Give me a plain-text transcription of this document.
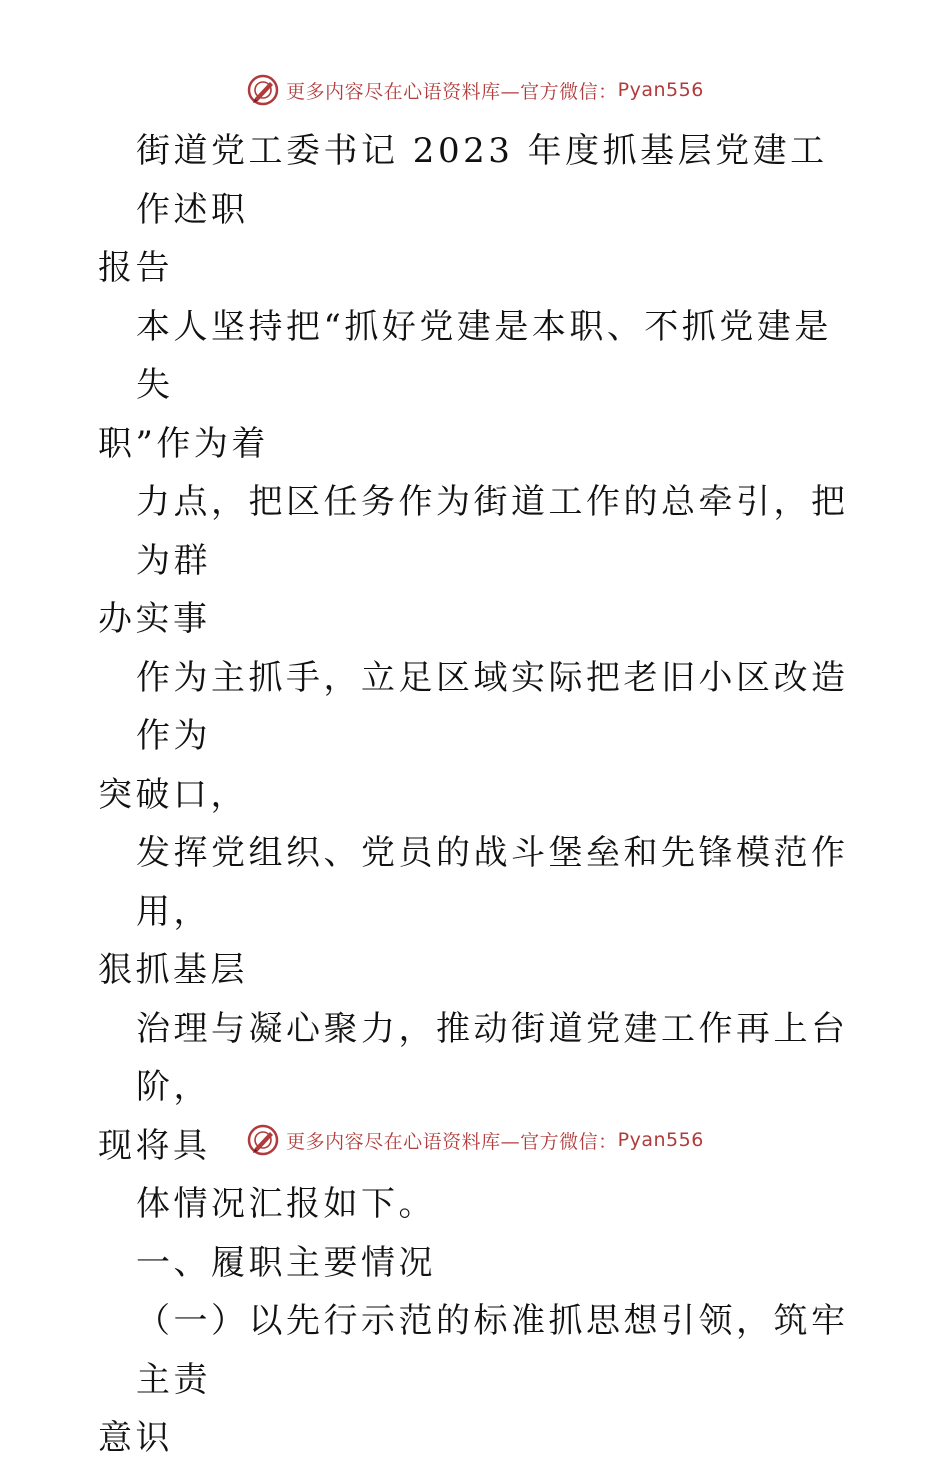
更多内容尽在心语资料库—官方微信： Pyan556

街道党工委书记 2023 年度抓基层党建工作述职

报告

本人坚持把“抓好党建是本职、不抓党建是失

职”作为着

力点，把区任务作为街道工作的总牵引，把为群

办实事

作为主抓手，立足区域实际把老旧小区改造作为

突破口，

发挥党组织、党员的战斗堡垒和先锋模范作用，

狠抓基层

治理与凝心聚力，推动街道党建工作再上台阶，

现将具

体情况汇报如下。

一、履职主要情况

（一）以先行示范的标准抓思想引领，筑牢主责

意识

更多内容尽在心语资料库—官方微信： Pyan556
